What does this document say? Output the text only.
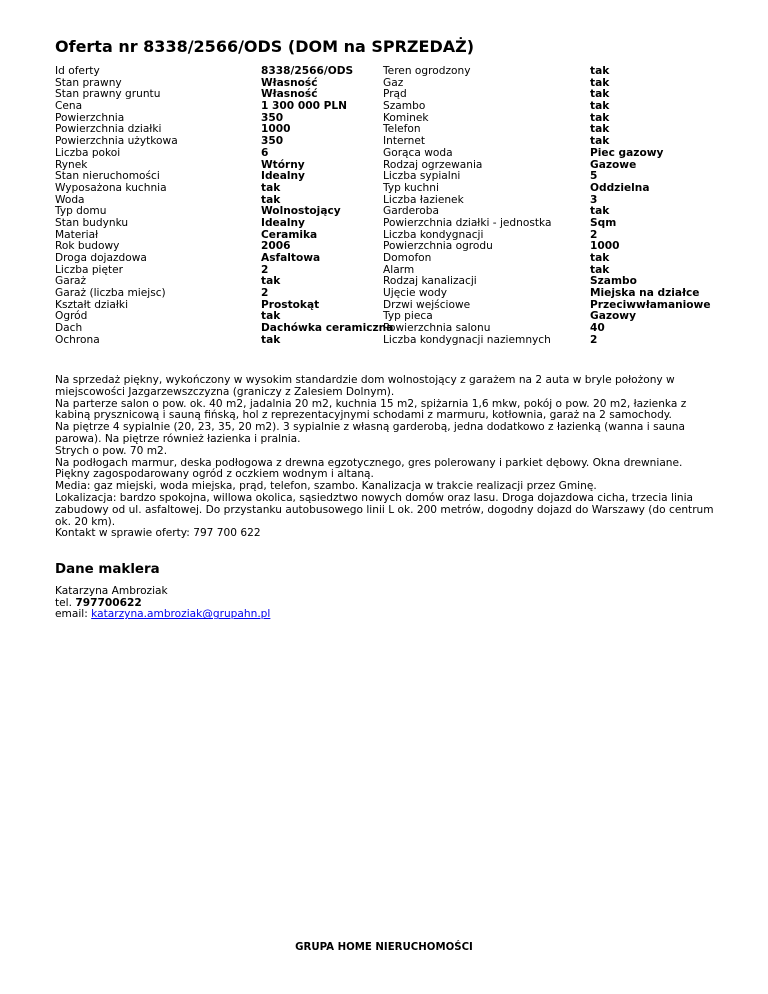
Oferta nr 8338/2566/ODS (DOM na SPRZEDAŻ)
Id oferty
Stan prawny
Stan prawny gruntu
Cena
Powierzchnia
Powierzchnia działki
Powierzchnia użytkowa
Liczba pokoi
Rynek
Stan nieruchomości
Wyposażona kuchnia
Woda
Typ domu
Stan budynku
Materiał
Rok budowy
Droga dojazdowa
Liczba pięter
Garaż
Garaż (liczba miejsc)
Kształt działki
Ogród
Dach
Ochrona
8338/2566/ODS
Własność
Własność
1 300 000 PLN
350
1000
350
6
Wtórny
Idealny
tak
tak
Wolnostojący
Idealny
Ceramika
2006
Asfaltowa
2
tak
2
Prostokąt
tak
Dachówka ceramiczna
tak
Teren ogrodzony
Gaz
Prąd
Szambo
Kominek
Telefon
Internet
Gorąca woda
Rodzaj ogrzewania
Liczba sypialni
Typ kuchni
Liczba łazienek
Garderoba
Powierzchnia działki - jednostka
Liczba kondygnacji
Powierzchnia ogrodu
Domofon
Alarm
Rodzaj kanalizacji
Ujęcie wody
Drzwi wejściowe
Typ pieca
Powierzchnia salonu
Liczba kondygnacji naziemnych
tak
tak
tak
tak
tak
tak
tak
Piec gazowy
Gazowe
5
Oddzielna
3
tak
Sqm
2
1000
tak
tak
Szambo
Miejska na działce
Przeciwwłamaniowe
Gazowy
40
2
Na sprzedaż piękny, wykończony w wysokim standardzie dom wolnostojący z garażem na 2 auta w bryle położony w miejscowości Jazgarzewszczyzna (graniczy z Zalesiem Dolnym).
Na parterze salon o pow. ok. 40 m2, jadalnia 20 m2, kuchnia 15 m2, spiżarnia 1,6 mkw, pokój o pow. 20 m2, łazienka z kabiną prysznicową i sauną fińską, hol z reprezentacyjnymi schodami z marmuru, kotłownia, garaż na 2 samochody.
Na piętrze 4 sypialnie (20, 23, 35, 20 m2). 3 sypialnie z własną garderobą, jedna dodatkowo z łazienką (wanna i sauna parowa). Na piętrze również łazienka i pralnia.
Strych o pow. 70 m2.
Na podłogach marmur, deska podłogowa z drewna egzotycznego, gres polerowany i parkiet dębowy. Okna drewniane.
Piękny zagospodarowany ogród z oczkiem wodnym i altaną.
Media: gaz miejski, woda miejska, prąd, telefon, szambo. Kanalizacja w trakcie realizacji przez Gminę.
Lokalizacja: bardzo spokojna, willowa okolica, sąsiedztwo nowych domów oraz lasu. Droga dojazdowa cicha, trzecia linia zabudowy od ul. asfaltowej. Do przystanku autobusowego linii L ok. 200 metrów, dogodny dojazd do Warszawy (do centrum ok. 20 km).
Kontakt w sprawie oferty: 797 700 622
Dane maklera
Katarzyna Ambroziak
tel. 797700622
email: katarzyna.ambroziak@grupahn.pl
GRUPA HOME NIERUCHOMOŚCI
